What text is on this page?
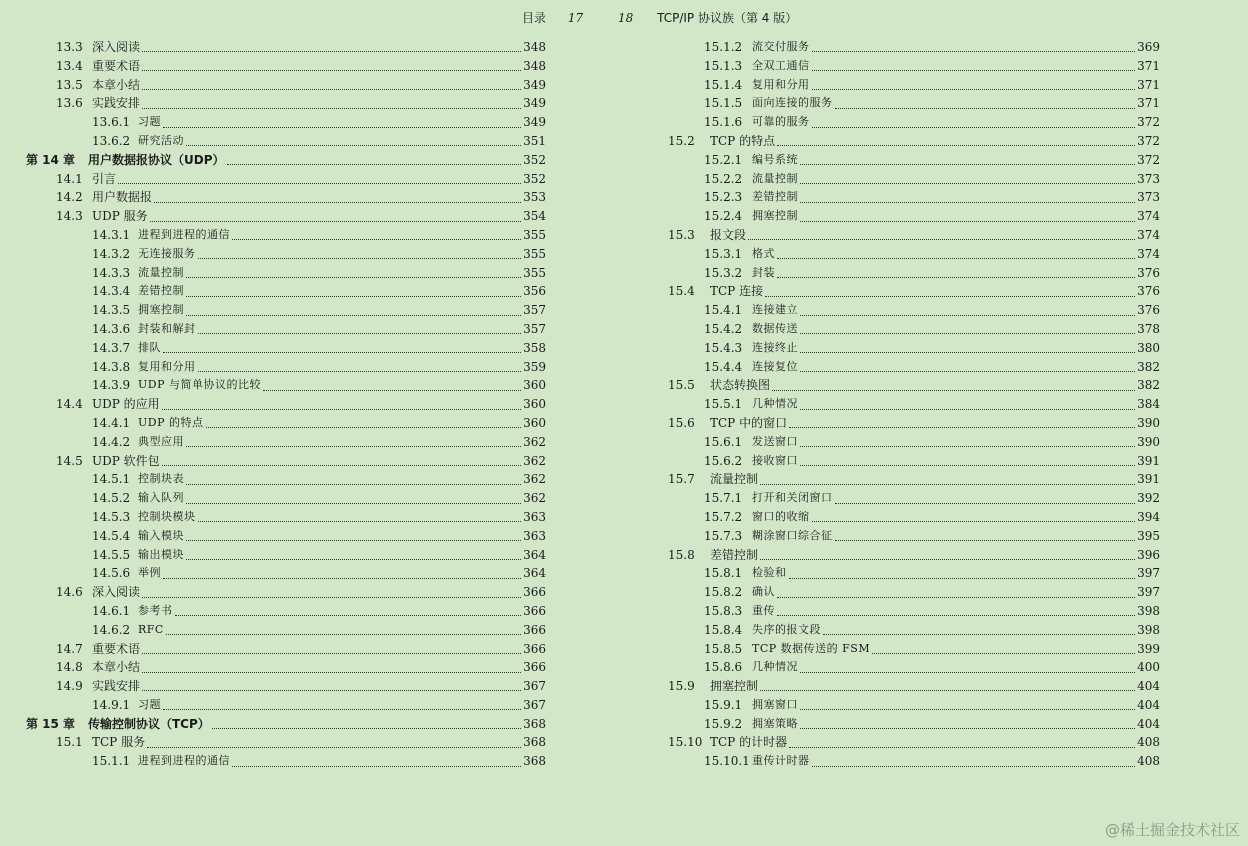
目录 17
13.3 深入阅读	348
13.4 重要术语	348
13.5 本章小结	349
13.6 实践安排	349
13.6.1 习题	349
13.6.2 研究活动	351
第 14 章	用户数据报协议（UDP）	352
14.1 引言	352
14.2 用户数据报	353
14.3 UDP 服务	354
14.3.1 进程到进程的通信	355
14.3.2 无连接服务	355
14.3.3 流量控制	355
14.3.4 差错控制	356
14.3.5 拥塞控制	357
14.3.6 封装和解封	357
14.3.7 排队	358
14.3.8 复用和分用	359
14.3.9 UDP 与简单协议的比较	360
14.4 UDP 的应用	360
14.4.1 UDP 的特点	360
14.4.2 典型应用	362
14.5 UDP 软件包	362
14.5.1 控制块表	362
14.5.2 输入队列	362
14.5.3 控制块模块	363
14.5.4 输入模块	363
14.5.5 输出模块	364
14.5.6 举例	364
14.6 深入阅读	366
14.6.1 参考书	366
14.6.2 RFC	366
14.7 重要术语	366
14.8 本章小结	366
14.9 实践安排	367
14.9.1 习题	367
第 15 章	传输控制协议（TCP）	368
15.1 TCP 服务	368
15.1.1 进程到进程的通信	368
18 TCP/IP 协议族（第 4 版）
15.1.2 流交付服务	369
15.1.3 全双工通信	371
15.1.4 复用和分用	371
15.1.5 面向连接的服务	371
15.1.6 可靠的服务	372
15.2	TCP 的特点	372
15.2.1 编号系统	372
15.2.2 流量控制	373
15.2.3 差错控制	373
15.2.4 拥塞控制	374
15.3	报文段	374
15.3.1 格式	374
15.3.2 封装	376
15.4	TCP 连接	376
15.4.1 连接建立	376
15.4.2 数据传送	378
15.4.3 连接终止	380
15.4.4 连接复位	382
15.5	状态转换图	382
15.5.1 几种情况	384
15.6	TCP 中的窗口	390
15.6.1 发送窗口	390
15.6.2 接收窗口	391
15.7	流量控制	391
15.7.1 打开和关闭窗口	392
15.7.2 窗口的收缩	394
15.7.3 糊涂窗口综合征	395
15.8	差错控制	396
15.8.1 检验和	397
15.8.2 确认	397
15.8.3 重传	398
15.8.4 失序的报文段	398
15.8.5 TCP 数据传送的 FSM	399
15.8.6 几种情况	400
15.9	拥塞控制	404
15.9.1 拥塞窗口	404
15.9.2 拥塞策略	404
15.10 TCP 的计时器	408
15.10.1 重传计时器	408
@稀土掘金技术社区
